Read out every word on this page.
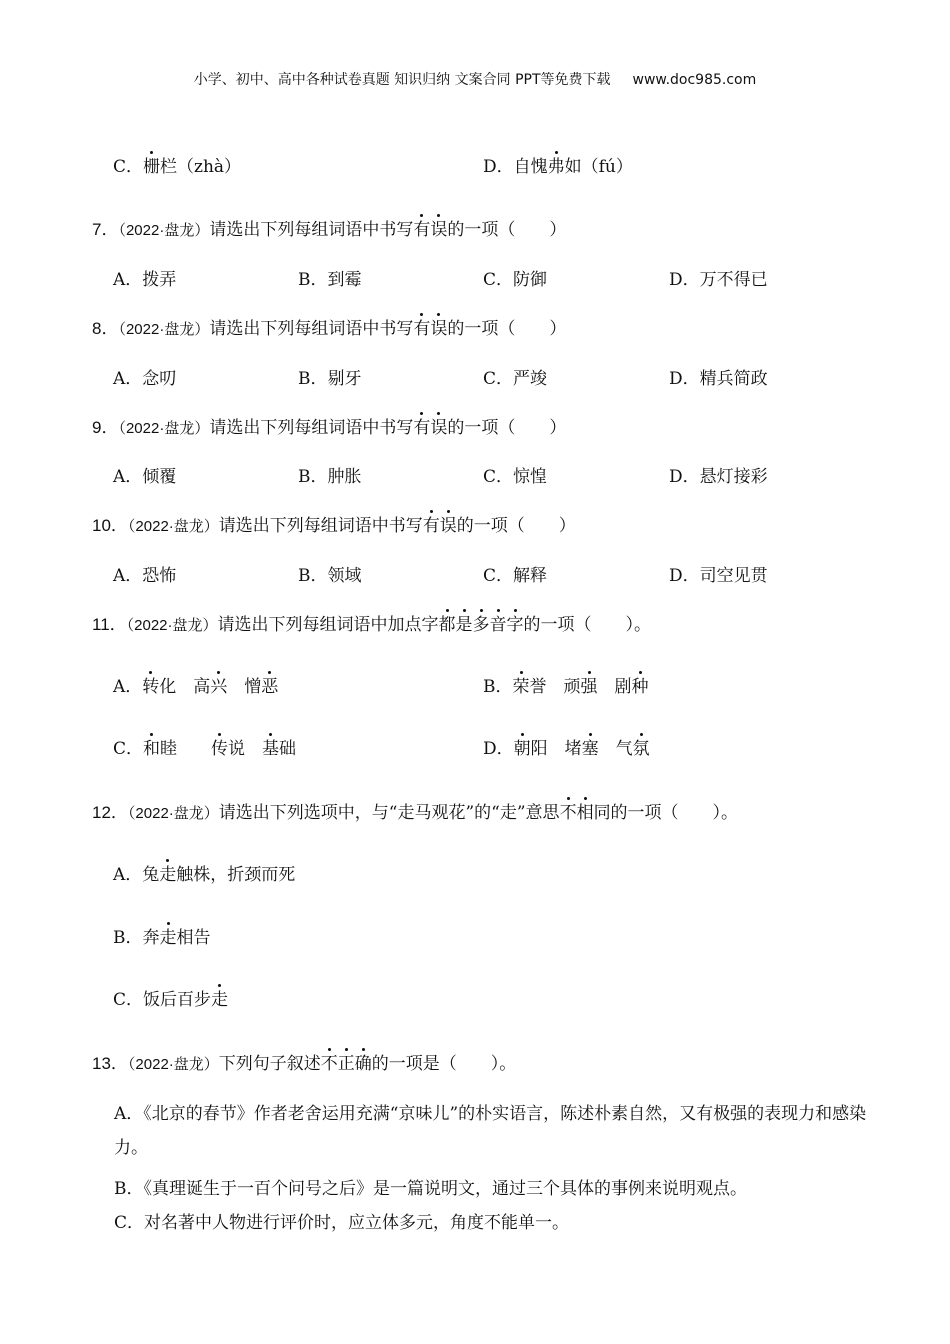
小学、初中、高中各种试卷真题 知识归纳 文案合同 PPT等免费下载 www.doc985.com
C．栅栏（zhà）	D．自愧弗如（fú）
7．（2022·盘龙）请选出下列每组词语中书写有误的一项（　　）
A．拨弄	B．到霉	C．防御	D．万不得已
8．（2022·盘龙）请选出下列每组词语中书写有误的一项（　　）
A．念叨	B．剔牙	C．严竣	D．精兵简政
9．（2022·盘龙）请选出下列每组词语中书写有误的一项（　　）
A．倾覆	B．肿胀	C．惊惶	D．悬灯接彩
10．（2022·盘龙）请选出下列每组词语中书写有误的一项（　　）
A．恐怖	B．领域	C．解释	D．司空见贯
11．（2022·盘龙）请选出下列每组词语中加点字都是多音字的一项（　　）。
A．转化　 高兴　 憎恶	B．荣誉　 顽强　 剧种
C．和睦　　 传说　 基础	D．朝阳　 堵塞　 气氛
12．（2022·盘龙）请选出下列选项中，与“走马观花”的“走”意思不相同的一项（　　）。
A．兔走触株，折颈而死
B．奔走相告
C．饭后百步走
13．（2022·盘龙）下列句子叙述不正确的一项是（　　）。
A．《北京的春节》作者老舍运用充满“京味儿”的朴实语言，陈述朴素自然，又有极强的表现力和感染力。
B．《真理诞生于一百个问号之后》是一篇说明文，通过三个具体的事例来说明观点。
C．对名著中人物进行评价时，应立体多元，角度不能单一。
